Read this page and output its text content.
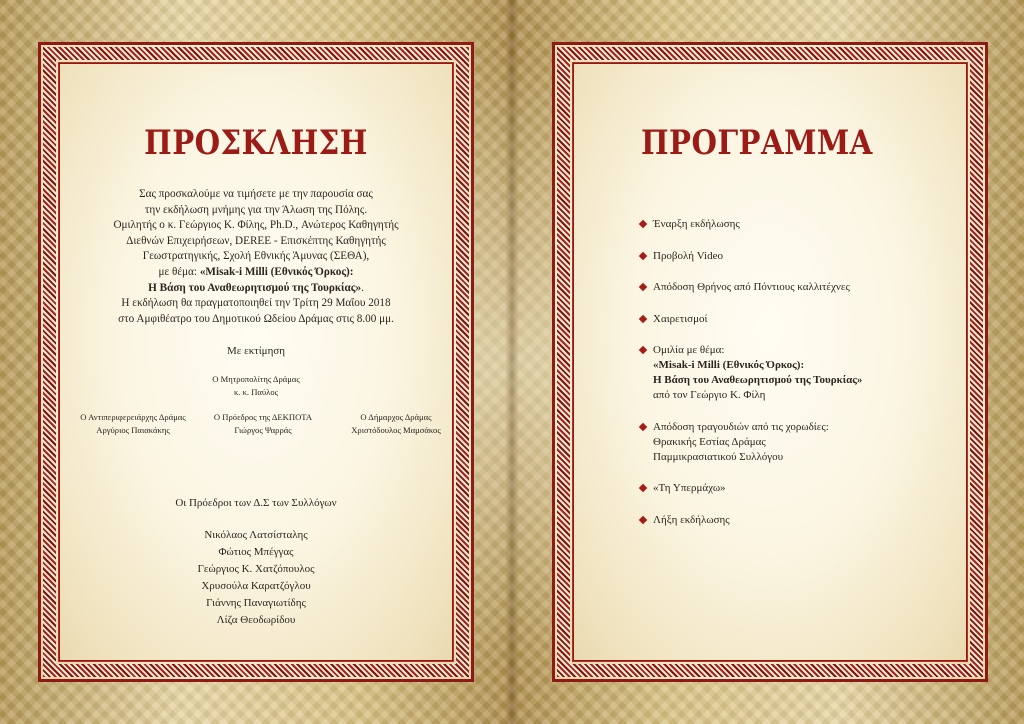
ΠΡΟΣΚΛΗΣΗ
Σας προσκαλούμε να τιμήσετε με την παρουσία σας
την εκδήλωση μνήμης για την Άλωση της Πόλης.
Ομιλητής ο κ. Γεώργιος Κ. Φίλης, Ph.D., Ανώτερος Καθηγητής
Διεθνών Επιχειρήσεων, DEREE - Επισκέπτης Καθηγητής
Γεωστρατηγικής, Σχολή Εθνικής Άμυνας (ΣΕΘΑ),
με θέμα: «Misak-i Milli (Εθνικός Όρκος):
Η Βάση του Αναθεωρητισμού της Τουρκίας».
Η εκδήλωση θα πραγματοποιηθεί την Τρίτη 29 Μαΐου 2018
στο Αμφιθέατρο του Δημοτικού Ωδείου Δράμας στις 8.00 μμ.
Με εκτίμηση
Ο Μητροπολίτης Δράμας
κ. κ. Παύλος
Ο Αντιπεριφερειάρχης Δράμας
Αργύριος Παιακάκης
Ο Πρόεδρος της ΔΕΚΠΟΤΑ
Γιώργος Ψαρράς
Ο Δήμαρχος Δράμας
Χριστόδουλος Μαμσάκος
Οι Πρόεδροι των Δ.Σ των Συλλόγων
Νικόλαος Λατσίσταλης
Φώτιος Μπέγγας
Γεώργιος Κ. Χατζόπουλος
Χρυσούλα Καρατζόγλου
Γιάννης Παναγιωτίδης
Λίζα Θεοδωρίδου
ΠΡΟΓΡΑΜΜΑ
Έναρξη εκδήλωσης
Προβολή Video
Απόδοση Θρήνος από Πόντιους καλλιτέχνες
Χαιρετισμοί
Ομιλία με θέμα:
«Misak-i Milli (Εθνικός Όρκος):
Η Βάση του Αναθεωρητισμού της Τουρκίας»
από τον Γεώργιο Κ. Φίλη
Απόδοση τραγουδιών από τις χορωδίες:
Θρακικής Εστίας Δράμας
Παμμικρασιατικού Συλλόγου
«Τη Υπερμάχω»
Λήξη εκδήλωσης
